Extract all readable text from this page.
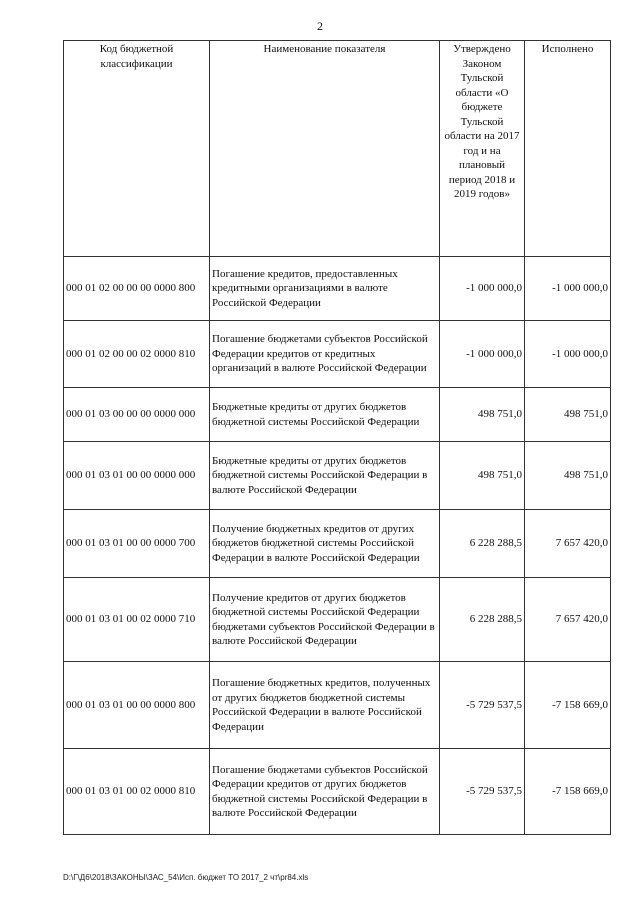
2
Код бюджетной классификации	Наименование показателя	Утверждено Законом Тульской области «О бюджете Тульской области на 2017 год и на плановый период 2018 и 2019 годов»	Исполнено
000 01 02 00 00 00 0000 800	Погашение кредитов, предоставленных кредитными организациями в валюте Российской Федерации	-1 000 000,0	-1 000 000,0
000 01 02 00 00 02 0000 810	Погашение бюджетами субъектов Российской Федерации кредитов от кредитных организаций в валюте Российской Федерации	-1 000 000,0	-1 000 000,0
000 01 03 00 00 00 0000 000	Бюджетные кредиты от других бюджетов бюджетной системы Российской Федерации	498 751,0	498 751,0
000 01 03 01 00 00 0000 000	Бюджетные кредиты от других бюджетов бюджетной системы Российской Федерации в валюте Российской Федерации	498 751,0	498 751,0
000 01 03 01 00 00 0000 700	Получение бюджетных кредитов от других бюджетов бюджетной системы Российской Федерации в валюте Российской Федерации	6 228 288,5	7 657 420,0
000 01 03 01 00 02 0000 710	Получение кредитов от других бюджетов бюджетной системы Российской Федерации бюджетами субъектов Российской Федерации в валюте Российской Федерации	6 228 288,5	7 657 420,0
000 01 03 01 00 00 0000 800	Погашение бюджетных кредитов, полученных от других бюджетов бюджетной системы Российской Федерации в валюте Российской Федерации	-5 729 537,5	-7 158 669,0
000 01 03 01 00 02 0000 810	Погашение бюджетами субъектов Российской Федерации кредитов от других бюджетов бюджетной системы Российской Федерации в валюте Российской Федерации	-5 729 537,5	-7 158 669,0
D:\Г\Д6\2018\ЗАКОНЫ\ЗАС_54\Исп. бюджет ТО 2017_2 чт\pr84.xls
